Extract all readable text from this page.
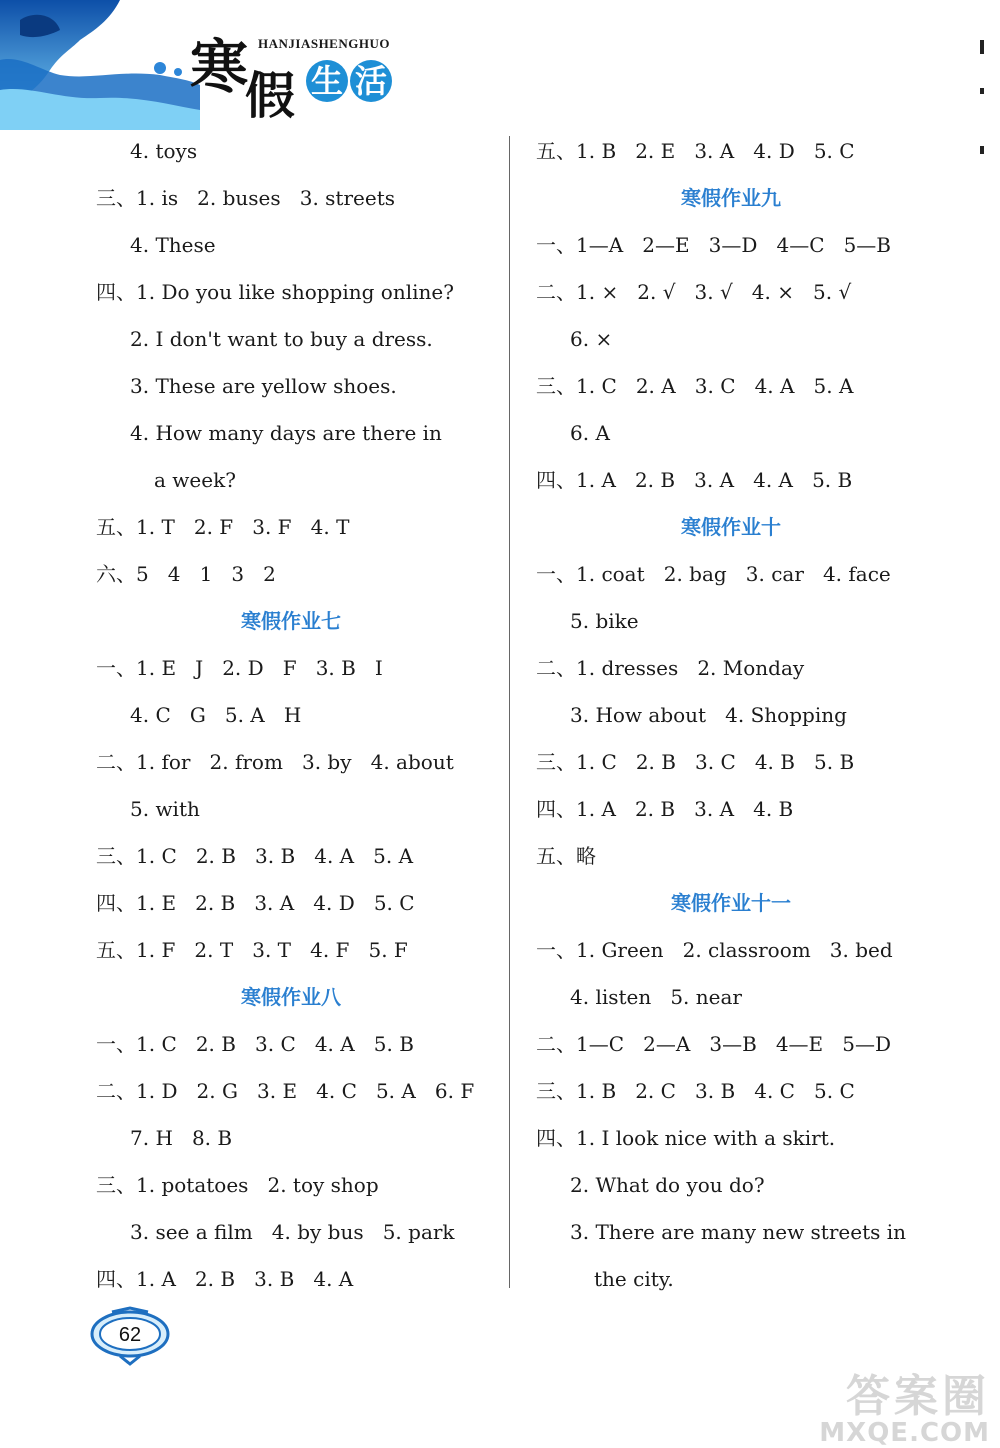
寒
假
HANJIASHENGHUO
生 活
4. toys
三、1. is   2. buses   3. streets
4. These
四、1. Do you like shopping online?
2. I don't want to buy a dress.
3. These are yellow shoes.
4. How many days are there in
a week?
五、1. T   2. F   3. F   4. T
六、5   4   1   3   2
寒假作业七
一、1. E   J   2. D   F   3. B   I
4. C   G   5. A   H
二、1. for   2. from   3. by   4. about
5. with
三、1. C   2. B   3. B   4. A   5. A
四、1. E   2. B   3. A   4. D   5. C
五、1. F   2. T   3. T   4. F   5. F
寒假作业八
一、1. C   2. B   3. C   4. A   5. B
二、1. D   2. G   3. E   4. C   5. A   6. F
7. H   8. B
三、1. potatoes   2. toy shop
3. see a film   4. by bus   5. park
四、1. A   2. B   3. B   4. A
五、1. B   2. E   3. A   4. D   5. C
寒假作业九
一、1—A   2—E   3—D   4—C   5—B
二、1. ×   2. √   3. √   4. ×   5. √
6. ×
三、1. C   2. A   3. C   4. A   5. A
6. A
四、1. A   2. B   3. A   4. A   5. B
寒假作业十
一、1. coat   2. bag   3. car   4. face
5. bike
二、1. dresses   2. Monday
3. How about   4. Shopping
三、1. C   2. B   3. C   4. B   5. B
四、1. A   2. B   3. A   4. B
五、略
寒假作业十一
一、1. Green   2. classroom   3. bed
4. listen   5. near
二、1—C   2—A   3—B   4—E   5—D
三、1. B   2. C   3. B   4. C   5. C
四、1. I look nice with a skirt.
2. What do you do?
3. There are many new streets in
the city.
62
答案圈
MXQE.COM
